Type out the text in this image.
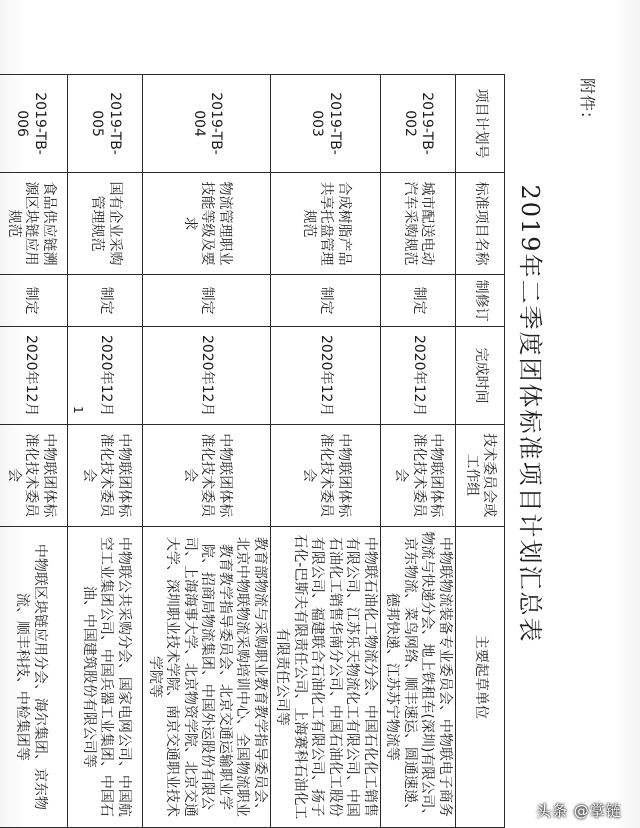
附件:
2019年二季度团体标准项目计划汇总表
项目计划号	标准项目名称	制修订	完成时间	技术委员会或工作组	主要起草单位
2019-TB-002	城市配送电动汽车采购规范	制定	2020年12月	中物联团体标准化技术委员会	中物联物流装备专业委员会、中物联电子商务物流与快递分会、地上铁租车(深圳)有限公司、京东物流、菜鸟网络、顺丰速运、圆通速递、德邦快递、江苏苏宁物流等
2019-TB-003	合成树脂产品共享托盘管理规范	制定	2020年12月	中物联团体标准化技术委员会	中物联石油化工物流分会、中国石化化工销售有限公司、江苏乐天物流化工有限公司、中国石油化工销售华南分公司、中国石油化工股份有限公司、福建联合石油化工有限公司、扬子石化-巴斯夫有限责任公司、上海赛科石油化工有限责任公司等
2019-TB-004	物流管理职业技能等级及要求	制定	2020年12月	中物联团体标准化技术委员会	教育部物流与采购职业教育教学指导委员会、北京中物联物流采购培训中心、全国物流职业教育教学指导委员会、北京交通运输职业学院、招商局物流集团、中国外运股份有限公司、上海海事大学、北京物资学院、北京交通大学、深圳职业技术学院、南京交通职业技术学院等
2019-TB-005	国有企业采购管理规范	制定	2020年12月	中物联团体标准化技术委员会	中物联公共采购分会、国家电网公司、中国航空工业集团公司、中国兵器工业集团、中国石油、中国建筑股份有限公司等
2019-TB-006	食品供应链溯源区块链应用规范	制定	2020年12月	中物联团体标准化技术委员会	中物联区块链应用分会、海尔集团、京东物流、顺丰科技、中检集团等
1
头条 @掌链
